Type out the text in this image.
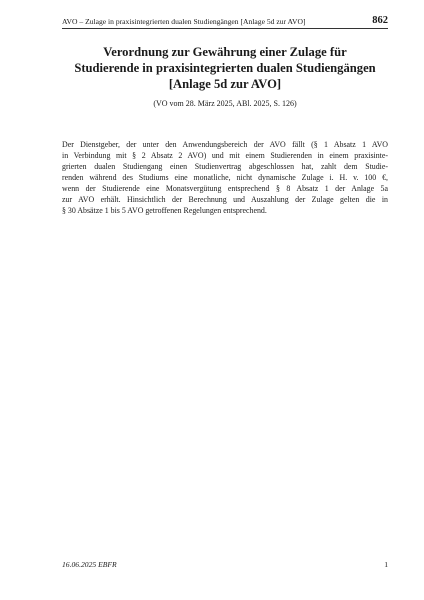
AVO – Zulage in praxisintegrierten dualen Studiengängen [Anlage 5d zur AVO]	862
Verordnung zur Gewährung einer Zulage für
Studierende in praxisintegrierten dualen Studiengängen
[Anlage 5d zur AVO]
(VO vom 28. März 2025, ABl. 2025, S. 126)
Der Dienstgeber, der unter den Anwendungsbereich der AVO fällt (§ 1 Absatz 1 AVO
in Verbindung mit § 2 Absatz 2 AVO) und mit einem Studierenden in einem praxisinte-
grierten dualen Studiengang einen Studienvertrag abgeschlossen hat, zahlt dem Studie-
renden während des Studiums eine monatliche, nicht dynamische Zulage i. H. v. 100 €,
wenn der Studierende eine Monatsvergütung entsprechend § 8 Absatz 1 der Anlage 5a
zur AVO erhält. Hinsichtlich der Berechnung und Auszahlung der Zulage gelten die in
§ 30 Absätze 1 bis 5 AVO getroffenen Regelungen entsprechend.
16.06.2025 EBFR	1
